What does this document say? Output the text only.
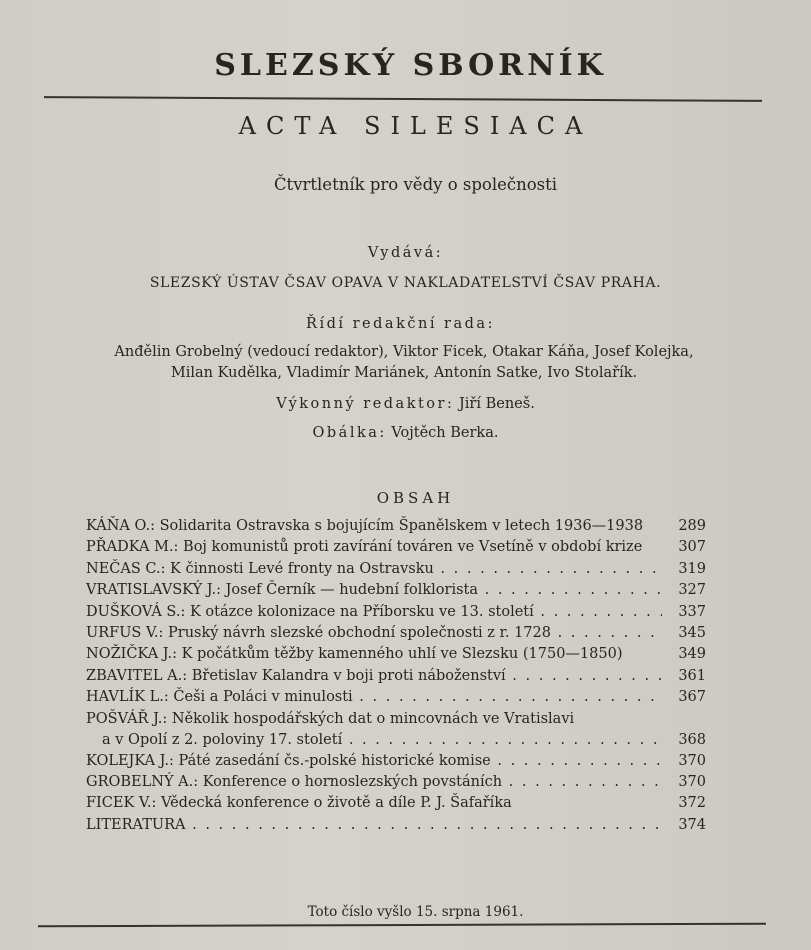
SLEZSKÝ SBORNÍK
ACTA SILESIACA
Čtvrtletník pro vědy o společnosti
Vydává:
SLEZSKÝ ÚSTAV ČSAV OPAVA V NAKLADATELSTVÍ ČSAV PRAHA.
Řídí redakční rada:
Anđělin Grobelný (vedoucí redaktor), Viktor Ficek, Otakar Káňa, Josef Kolejka,
Milan Kudělka, Vladimír Mariánek, Antonín Satke, Ivo Stolařík.
Výkonný redaktor: Jiří Beneš.
Obálka: Vojtěch Berka.
OBSAH
KÁŇA O.: Solidarita Ostravska s bojujícím Španělskem v letech 1936—1938	289
PŘADKA M.: Boj komunistů proti zavírání továren ve Vsetíně v období krize	307
NEČAS C.: K činnosti Levé fronty na Ostravsku . . .	319
VRATISLAVSKÝ J.: Josef Černík — hudební folklorista . . .	327
DUŠKOVÁ S.: K otázce kolonizace na Příborsku ve 13. století . . .	337
URFUS V.: Pruský návrh slezské obchodní společnosti z r. 1728 . . .	345
NOŽIČKA J.: K počátkům těžby kamenného uhlí ve Slezsku (1750—1850)	349
ZBAVITEL A.: Břetislav Kalandra v boji proti náboženství . . .	361
HAVLÍK L.: Češi a Poláci v minulosti . . .	367
POŠVÁŘ J.: Několik hospodářských dat o mincovnách ve Vratislavi
a v Opolí z 2. poloviny 17. století . . .	368
KOLEJKA J.: Páté zasedání čs.-polské historické komise . . .	370
GROBELNÝ A.: Konference o hornoslezských povstáních . . .	370
FICEK V.: Vědecká konference o životě a díle P. J. Šafaříka	372
LITERATURA . . .	374
Toto číslo vyšlo 15. srpna 1961.
